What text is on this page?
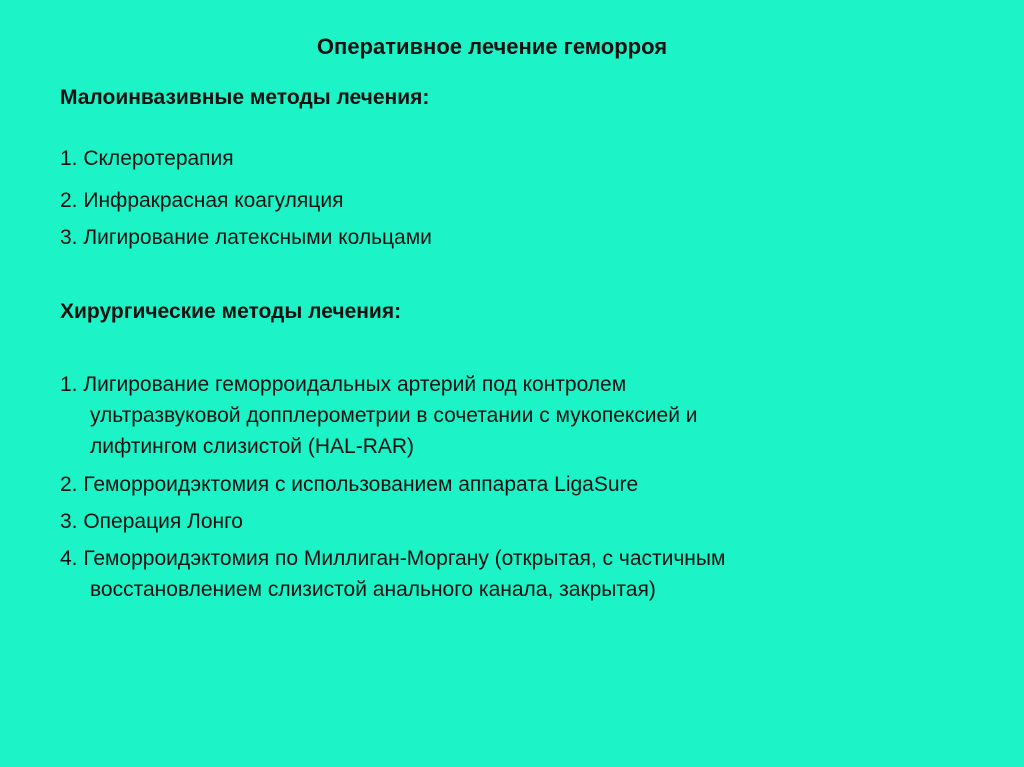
Оперативное лечение геморроя
Малоинвазивные методы лечения:
1. Склеротерапия
2. Инфракрасная коагуляция
3. Лигирование латексными кольцами
Хирургические методы лечения:
1. Лигирование геморроидальных артерий под контролем
ультразвуковой допплерометрии в сочетании с мукопексией и
лифтингом слизистой (HAL-RAR)
2. Геморроидэктомия с использованием аппарата LigaSure
3. Операция Лонго
4. Геморроидэктомия по Миллиган-Моргану (открытая, с частичным
восстановлением слизистой анального канала, закрытая)
